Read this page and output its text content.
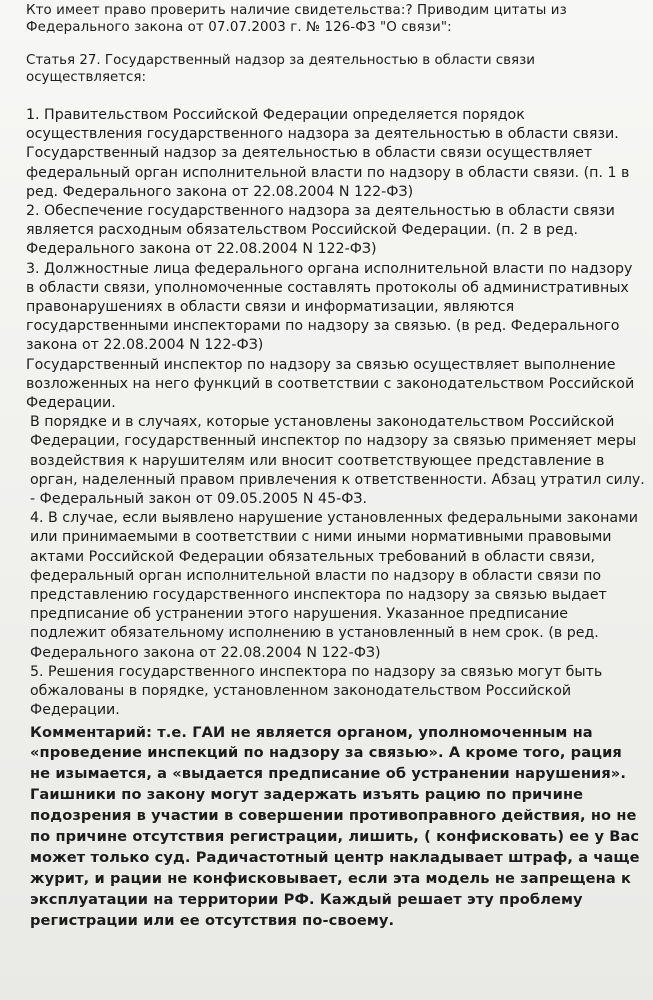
Кто имеет право проверить наличие свидетельства:? Приводим цитаты из Федерального закона от 07.07.2003 г. № 126-ФЗ "О связи":

Статья 27. Государственный надзор за деятельностью в области связи осуществляется:

1. Правительством Российской Федерации определяется порядок осуществления государственного надзора за деятельностью в области связи. Государственный надзор за деятельностью в области связи осуществляет федеральный орган исполнительной власти по надзору в области связи. (п. 1 в ред. Федерального закона от 22.08.2004 N 122-ФЗ)

2. Обеспечение государственного надзора за деятельностью в области связи является расходным обязательством Российской Федерации. (п. 2 в ред. Федерального закона от 22.08.2004 N 122-ФЗ)

3. Должностные лица федерального органа исполнительной власти по надзору в области связи, уполномоченные составлять протоколы об административных правонарушениях в области связи и информатизации, являются государственными инспекторами по надзору за связью. (в ред. Федерального закона от 22.08.2004 N 122-ФЗ)

Государственный инспектор по надзору за связью осуществляет выполнение возложенных на него функций в соответствии с законодательством Российской Федерации.

В порядке и в случаях, которые установлены законодательством Российской Федерации, государственный инспектор по надзору за связью применяет меры воздействия к нарушителям или вносит соответствующее представление в орган, наделенный правом привлечения к ответственности. Абзац утратил силу. - Федеральный закон от 09.05.2005 N 45-ФЗ.

4. В случае, если выявлено нарушение установленных федеральными законами или принимаемыми в соответствии с ними иными нормативными правовыми актами Российской Федерации обязательных требований в области связи, федеральный орган исполнительной власти по надзору в области связи по представлению государственного инспектора по надзору за связью выдает предписание об устранении этого нарушения. Указанное предписание подлежит обязательному исполнению в установленный в нем срок. (в ред. Федерального закона от 22.08.2004 N 122-ФЗ)

5. Решения государственного инспектора по надзору за связью могут быть обжалованы в порядке, установленном законодательством Российской Федерации.

Комментарий: т.е. ГАИ не является органом, уполномоченным на «проведение инспекций по надзору за связью». А кроме того, рация не изымается, а «выдается предписание об устранении нарушения». Гаишники по закону могут задержать изъять рацию по причине подозрения в участии в совершении противоправного действия, но не по причине отсутствия регистрации, лишить, ( конфисковать) ее у Вас может только суд. Радичастотный центр накладывает штраф, а чаще журит, и рации не конфисковывает, если эта модель не запрещена к эксплуатации на территории РФ. Каждый решает эту проблему регистрации или ее отсутствия по-своему.
